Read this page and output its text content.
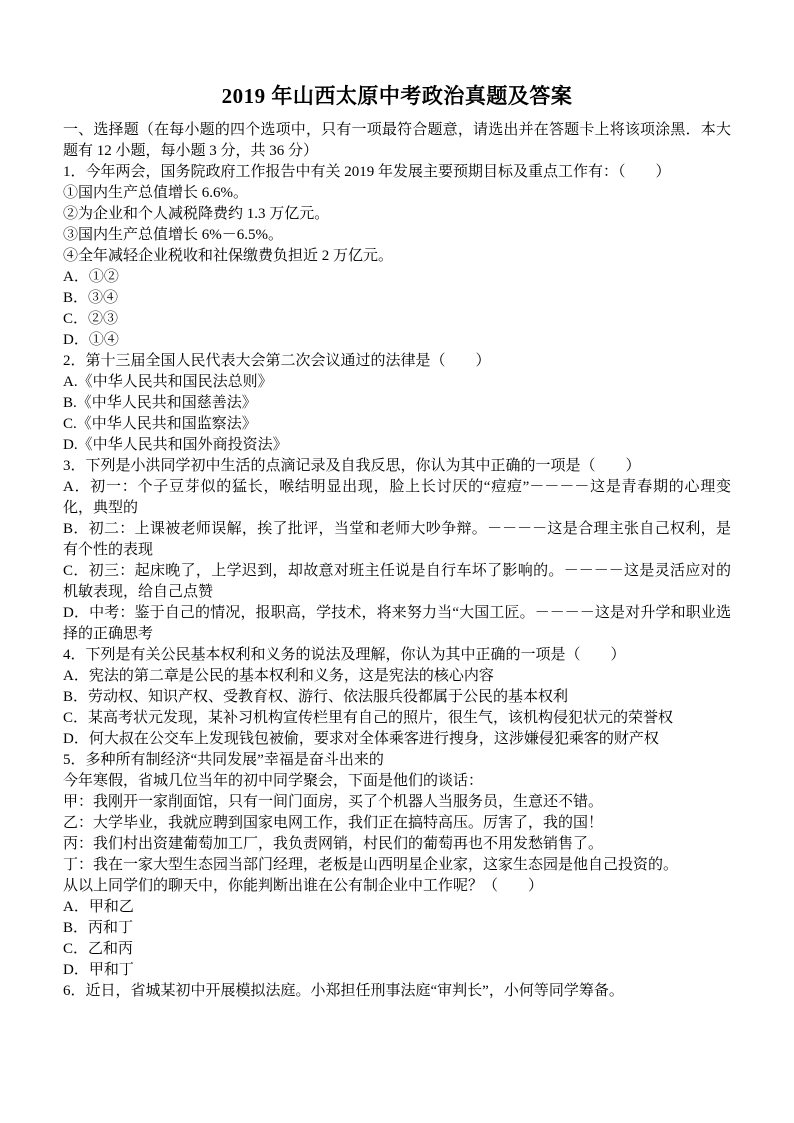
2019 年山西太原中考政治真题及答案

一、选择题（在每小题的四个选项中，只有一项最符合题意，请选出并在答题卡上将该项涂黑．本大题有 12 小题，每小题 3 分，共 36 分）

1．今年两会，国务院政府工作报告中有关 2019 年发展主要预期目标及重点工作有：（　　）

①国内生产总值增长 6.6%。

②为企业和个人减税降费约 1.3 万亿元。

③国内生产总值增长 6%－6.5%。

④全年减轻企业税收和社保缴费负担近 2 万亿元。

A．①②

B．③④

C．②③

D．①④

2．第十三届全国人民代表大会第二次会议通过的法律是（　　）

A.《中华人民共和国民法总则》

B.《中华人民共和国慈善法》

C.《中华人民共和国监察法》

D.《中华人民共和国外商投资法》

3．下列是小洪同学初中生活的点滴记录及自我反思，你认为其中正确的一项是（　　）

A．初一：个子豆芽似的猛长，喉结明显出现，脸上长讨厌的“痘痘”－－－－这是青春期的心理变化，典型的

B．初二：上课被老师误解，挨了批评，当堂和老师大吵争辩。－－－－这是合理主张自己权利，是有个性的表现

C．初三：起床晚了，上学迟到，却故意对班主任说是自行车坏了影响的。－－－－这是灵活应对的机敏表现，给自己点赞

D．中考：鉴于自己的情况，报职高，学技术，将来努力当“大国工匠。－－－－这是对升学和职业选择的正确思考

4．下列是有关公民基本权利和义务的说法及理解，你认为其中正确的一项是（　　）

A．宪法的第二章是公民的基本权利和义务，这是宪法的核心内容

B．劳动权、知识产权、受教育权、游行、依法服兵役都属于公民的基本权利

C．某高考状元发现，某补习机构宣传栏里有自己的照片，很生气，该机构侵犯状元的荣誉权

D．何大叔在公交车上发现钱包被偷，要求对全体乘客进行搜身，这涉嫌侵犯乘客的财产权

5．多种所有制经济“共同发展”幸福是奋斗出来的

今年寒假，省城几位当年的初中同学聚会，下面是他们的谈话：

甲：我刚开一家削面馆，只有一间门面房，买了个机器人当服务员，生意还不错。

乙：大学毕业，我就应聘到国家电网工作，我们正在搞特高压。厉害了，我的国！

丙：我们村出资建葡萄加工厂，我负责网销，村民们的葡萄再也不用发愁销售了。

丁：我在一家大型生态园当部门经理，老板是山西明星企业家，这家生态园是他自己投资的。

从以上同学们的聊天中，你能判断出谁在公有制企业中工作呢？（　　）

A．甲和乙

B．丙和丁

C．乙和丙

D．甲和丁

6．近日，省城某初中开展模拟法庭。小郑担任刑事法庭“审判长”，小何等同学筹备。
